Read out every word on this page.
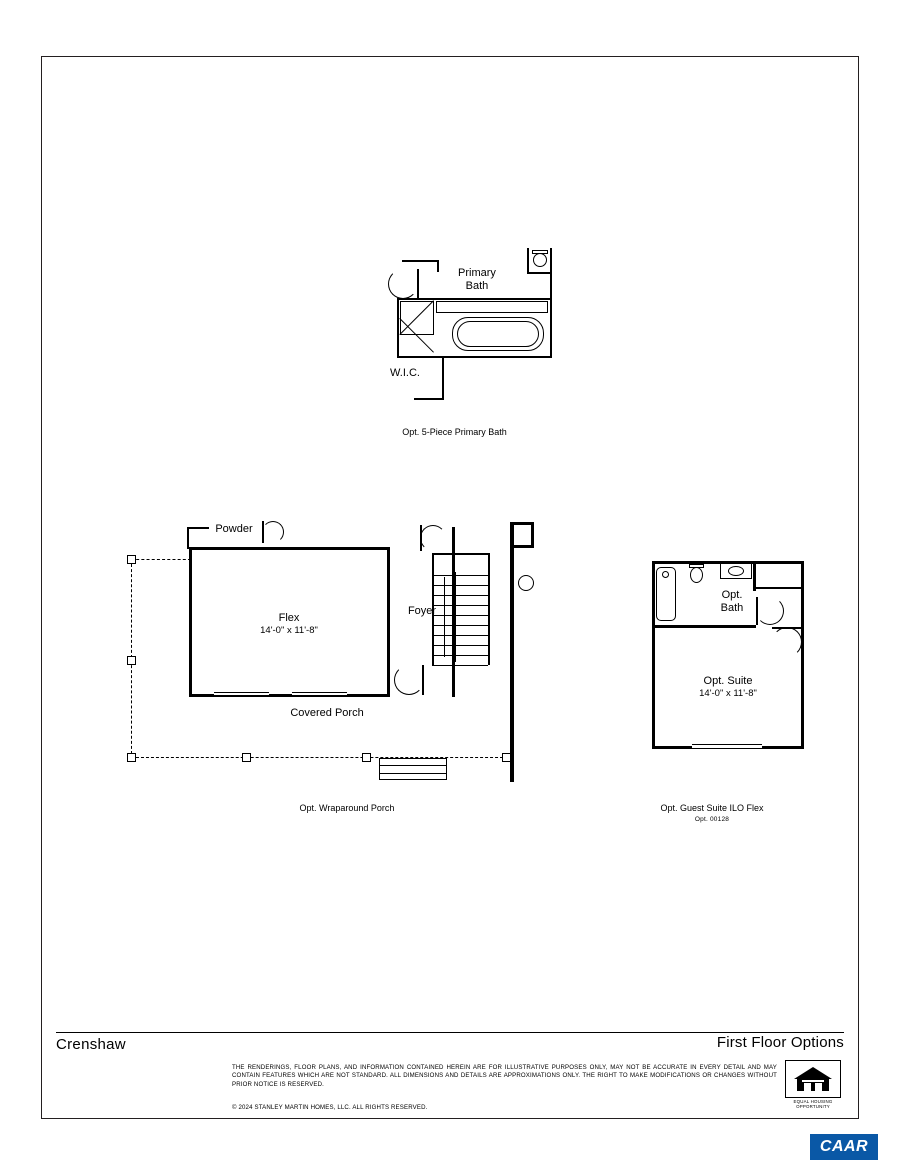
Primary
Bath
W.I.C.
Opt. 5-Piece Primary Bath
Flex
14'-0" x 11'-8"
Foyer
Covered Porch
Powder
Opt. Wraparound Porch
Opt.
Bath
Opt. Suite
14'-0" x 11'-8"
Opt. Guest Suite ILO Flex
Opt. 00128
Crenshaw	First Floor Options
THE RENDERINGS, FLOOR PLANS, AND INFORMATION CONTAINED HEREIN ARE FOR ILLUSTRATIVE PURPOSES ONLY, MAY NOT BE ACCURATE IN EVERY DETAIL AND MAY CONTAIN FEATURES WHICH ARE NOT STANDARD. ALL DIMENSIONS AND DETAILS ARE APPROXIMATIONS ONLY. THE RIGHT TO MAKE MODIFICATIONS OR CHANGES WITHOUT PRIOR NOTICE IS RESERVED.
© 2024 STANLEY MARTIN HOMES, LLC. ALL RIGHTS RESERVED.
EQUAL HOUSING
OPPORTUNITY
CAAR
